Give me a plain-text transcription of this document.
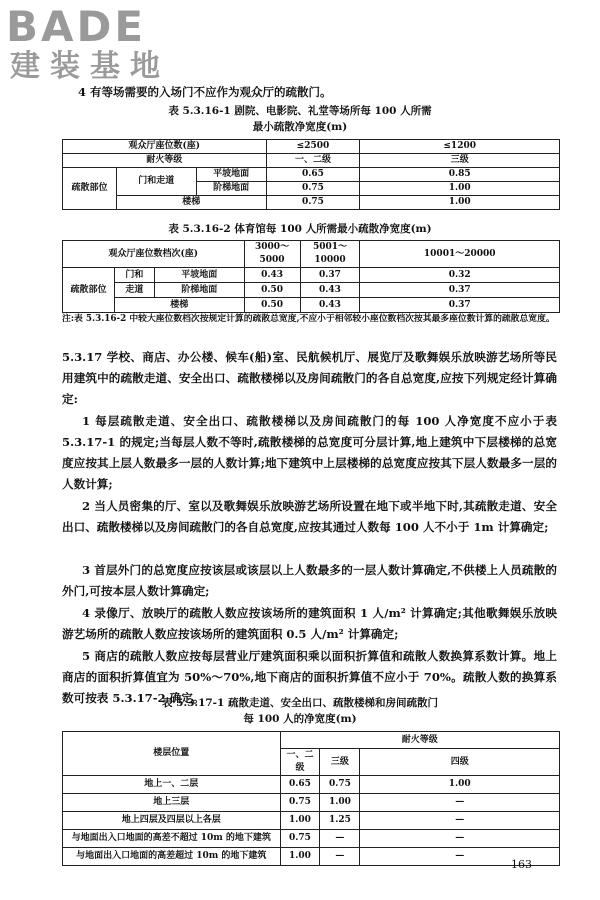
BADE
建装基地
4 有等场需要的入场门不应作为观众厅的疏散门。
表 5.3.16-1 剧院、电影院、礼堂等场所每 100 人所需
最小疏散净宽度(m)
观众厅座位数(座)			≤2500	≤1200
耐火等级			一、二级	三级
疏散部位	门和走道	平坡地面	0.65	0.85
		阶梯地面	0.75	1.00
	楼梯		0.75	1.00
表 5.3.16-2 体育馆每 100 人所需最小疏散净宽度(m)
观众厅座位数档次(座)			3000～5000	5001～10000	10001～20000
疏散部位	门和	平坡地面	0.43	0.37	0.32
	走道	阶梯地面	0.50	0.43	0.37
	楼梯		0.50	0.43	0.37
注:表 5.3.16-2 中较大座位数档次按规定计算的疏散总宽度,不应小于相邻较小座位数档次按其最多座位数计算的疏散总宽度。
5.3.17 学校、商店、办公楼、候车(船)室、民航候机厅、展览厅及歌舞娱乐放映游艺场所等民用建筑中的疏散走道、安全出口、疏散楼梯以及房间疏散门的各自总宽度,应按下列规定经计算确定:
1 每层疏散走道、安全出口、疏散楼梯以及房间疏散门的每 100 人净宽度不应小于表 5.3.17-1 的规定;当每层人数不等时,疏散楼梯的总宽度可分层计算,地上建筑中下层楼梯的总宽度应按其上层人数最多一层的人数计算;地下建筑中上层楼梯的总宽度应按其下层人数最多一层的人数计算;
2 当人员密集的厅、室以及歌舞娱乐放映游艺场所设置在地下或半地下时,其疏散走道、安全出口、疏散楼梯以及房间疏散门的各自总宽度,应按其通过人数每 100 人不小于 1m 计算确定;
3 首层外门的总宽度应按该层或该层以上人数最多的一层人数计算确定,不供楼上人员疏散的外门,可按本层人数计算确定;
4 录像厅、放映厅的疏散人数应按该场所的建筑面积 1 人/m² 计算确定;其他歌舞娱乐放映游艺场所的疏散人数应按该场所的建筑面积 0.5 人/m² 计算确定;
5 商店的疏散人数应按每层营业厅建筑面积乘以面积折算值和疏散人数换算系数计算。地上商店的面积折算值宜为 50%～70%,地下商店的面积折算值不应小于 70%。疏散人数的换算系数可按表 5.3.17-2 确定。
表 5.3.17-1 疏散走道、安全出口、疏散楼梯和房间疏散门
每 100 人的净宽度(m)
楼层位置	耐火等级		
	一、二级	三级	四级
地上一、二层	0.65	0.75	1.00
地上三层	0.75	1.00	—
地上四层及四层以上各层	1.00	1.25	—
与地面出入口地面的高差不超过 10m 的地下建筑	0.75	—	—
与地面出入口地面的高差超过 10m 的地下建筑	1.00	—	—
163
